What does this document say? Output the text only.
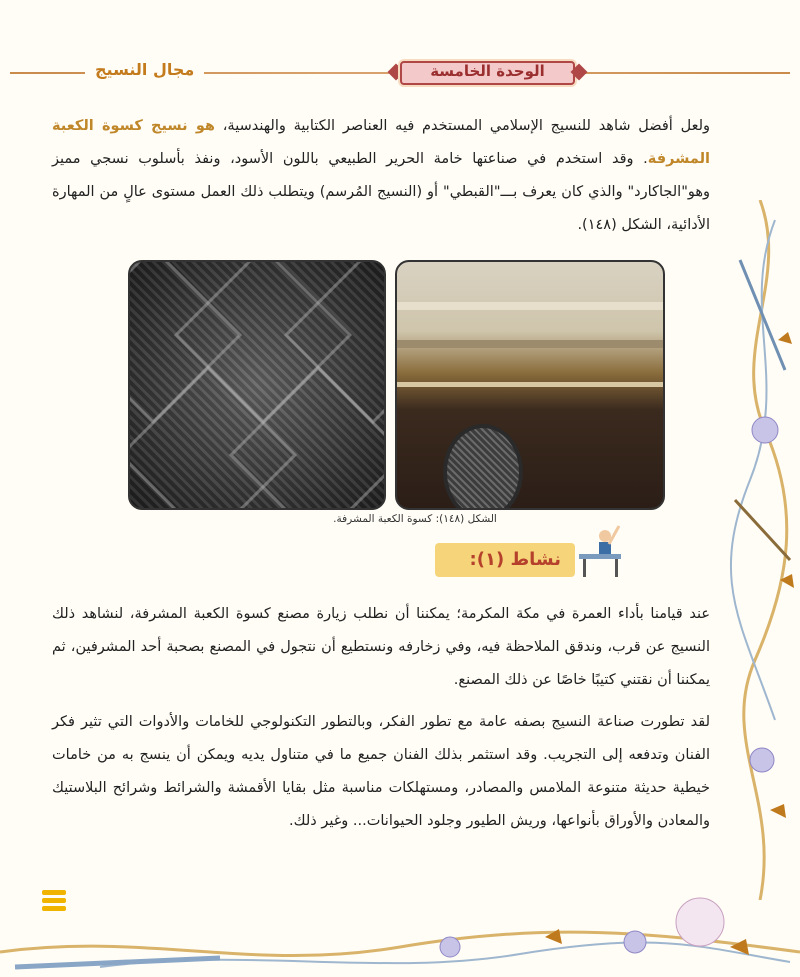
الوحدة الخامسة
مجال النسيج
ولعل أفضل شاهد للنسيج الإسلامي المستخدم فيه العناصر الكتابية والهندسية، هو نسيج كسوة الكعبة المشرفة. وقد استخدم في صناعتها خامة الحرير الطبيعي باللون الأسود، ونفذ بأسلوب نسجي مميز وهو"الجاكارد" والذي كان يعرف بـــ"القبطي" أو (النسيج المُرسم) ويتطلب ذلك العمل مستوى عالٍ من المهارة الأدائية، الشكل (١٤٨).
الشكل (١٤٨): كسوة الكعبة المشرفة.
نشاط (١):
عند قيامنا بأداء العمرة في مكة المكرمة؛ يمكننا أن نطلب زيارة مصنع كسوة الكعبة المشرفة، لنشاهد ذلك النسيج عن قرب، وندقق الملاحظة فيه، وفي زخارفه ونستطيع أن نتجول في المصنع بصحبة أحد المشرفين، ثم يمكننا أن نقتني كتيبًا خاصًا عن ذلك المصنع.
لقد تطورت صناعة النسيج بصفه عامة مع تطور الفكر، وبالتطور التكنولوجي للخامات والأدوات التي تثير فكر الفنان وتدفعه إلى التجريب. وقد استثمر بذلك الفنان جميع ما في متناول يديه ويمكن أن ينسج به من خامات خيطية حديثة متنوعة الملامس والمصادر، ومستهلكات مناسبة مثل بقايا الأقمشة والشرائط وشرائح البلاستيك والمعادن والأوراق بأنواعها، وريش الطيور وجلود الحيوانات... وغير ذلك.
